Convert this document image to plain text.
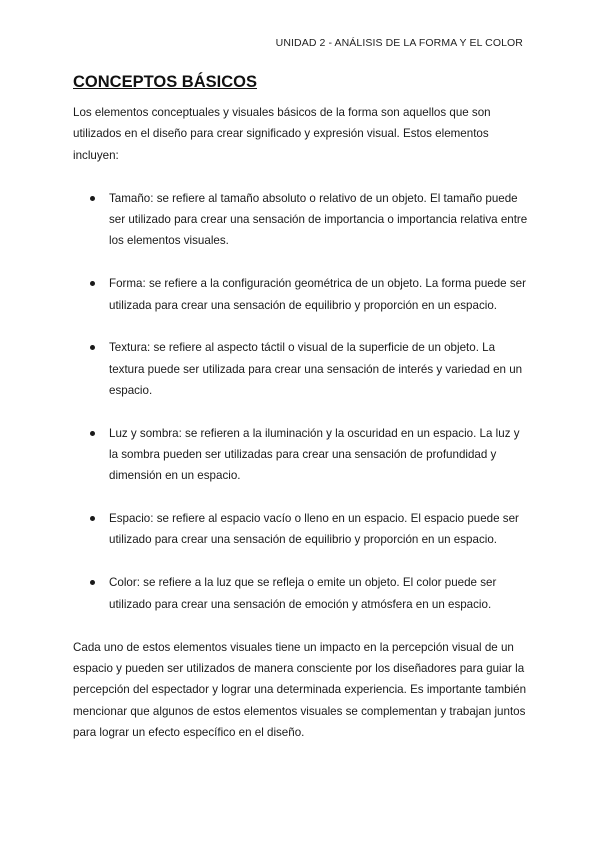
UNIDAD 2 - ANÁLISIS DE LA FORMA Y EL COLOR
CONCEPTOS BÁSICOS

Los elementos conceptuales y visuales básicos de la forma son aquellos que son utilizados en el diseño para crear significado y expresión visual. Estos elementos incluyen:

Tamaño: se refiere al tamaño absoluto o relativo de un objeto. El tamaño puede ser utilizado para crear una sensación de importancia o importancia relativa entre los elementos visuales.
Forma: se refiere a la configuración geométrica de un objeto. La forma puede ser utilizada para crear una sensación de equilibrio y proporción en un espacio.
Textura: se refiere al aspecto táctil o visual de la superficie de un objeto. La textura puede ser utilizada para crear una sensación de interés y variedad en un espacio.
Luz y sombra: se refieren a la iluminación y la oscuridad en un espacio. La luz y la sombra pueden ser utilizadas para crear una sensación de profundidad y dimensión en un espacio.
Espacio: se refiere al espacio vacío o lleno en un espacio. El espacio puede ser utilizado para crear una sensación de equilibrio y proporción en un espacio.
Color: se refiere a la luz que se refleja o emite un objeto. El color puede ser utilizado para crear una sensación de emoción y atmósfera en un espacio.

Cada uno de estos elementos visuales tiene un impacto en la percepción visual de un espacio y pueden ser utilizados de manera consciente por los diseñadores para guiar la percepción del espectador y lograr una determinada experiencia. Es importante también mencionar que algunos de estos elementos visuales se complementan y trabajan juntos para lograr un efecto específico en el diseño.
